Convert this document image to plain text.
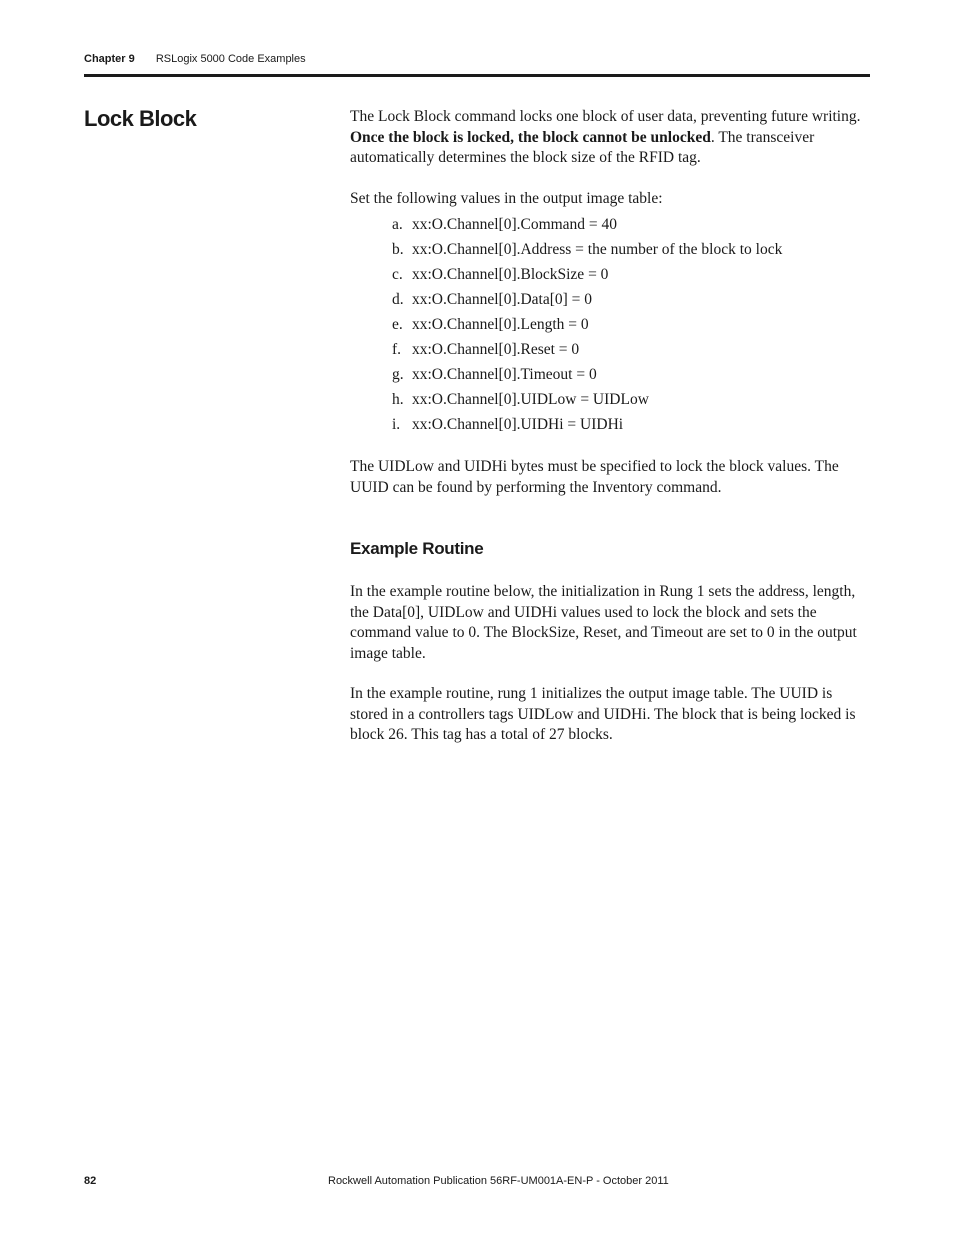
Chapter 9 RSLogix 5000 Code Examples
Lock Block	The Lock Block command locks one block of user data, preventing future writing. Once the block is locked, the block cannot be unlocked. The transceiver automatically determines the block size of the RFID tag.

Set the following values in the output image table:

a. xx:O.Channel[0].Command = 40
b. xx:O.Channel[0].Address = the number of the block to lock
c. xx:O.Channel[0].BlockSize = 0
d. xx:O.Channel[0].Data[0] = 0
e. xx:O.Channel[0].Length = 0
f. xx:O.Channel[0].Reset = 0
g. xx:O.Channel[0].Timeout = 0
h. xx:O.Channel[0].UIDLow = UIDLow
i. xx:O.Channel[0].UIDHi = UIDHi

The UIDLow and UIDHi bytes must be specified to lock the block values. The UUID can be found by performing the Inventory command.

Example Routine

In the example routine below, the initialization in Rung 1 sets the address, length, the Data[0], UIDLow and UIDHi values used to lock the block and sets the command value to 0. The BlockSize, Reset, and Timeout are set to 0 in the output image table.

In the example routine, rung 1 initializes the output image table. The UUID is stored in a controllers tags UIDLow and UIDHi. The block that is being locked is block 26. This tag has a total of 27 blocks.

82	Rockwell Automation Publication 56RF-UM001A-EN-P - October 2011
